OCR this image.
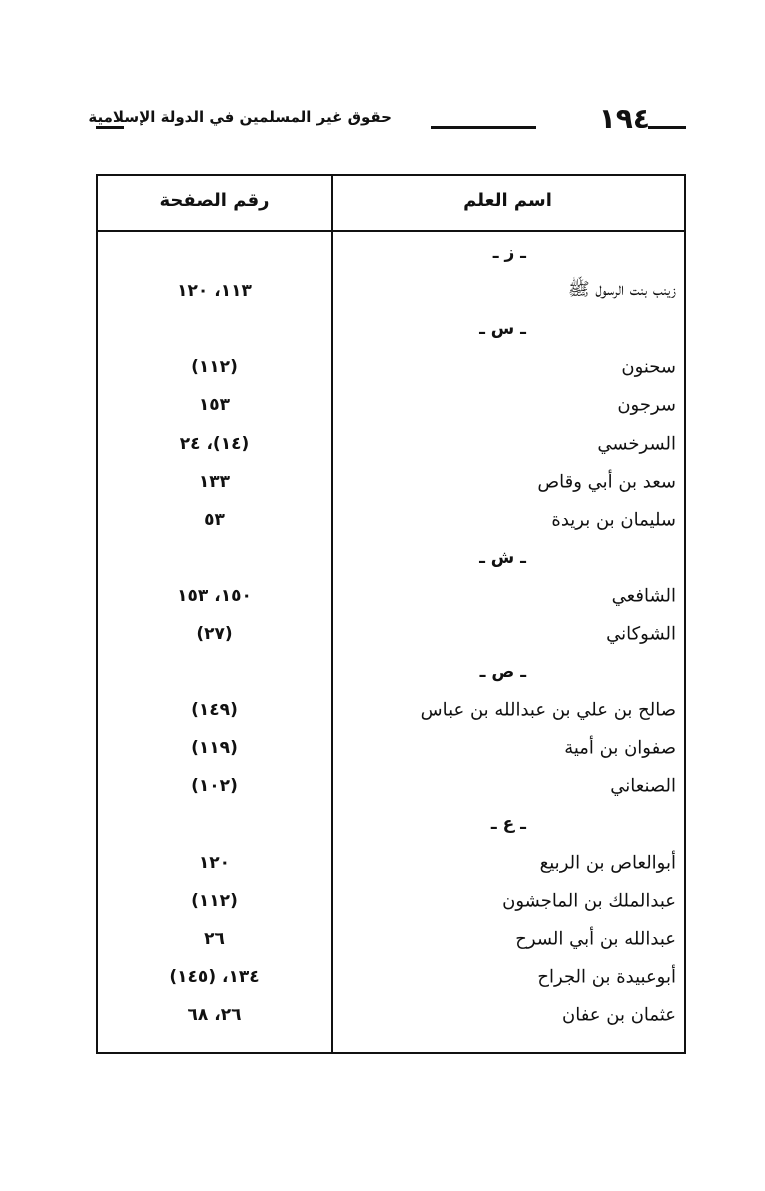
١٩٤
حقوق غير المسلمين في الدولة الإسلامية
اسم العلم
رقم الصفحة
ـ ز ـ
زينب بنت الرسول ﷺ
١١٣، ١٢٠
ـ س ـ
سحنون
(١١٢)
سرجون
١٥٣
السرخسي
(١٤)، ٢٤
سعد بن أبي وقاص
١٣٣
سليمان بن بريدة
٥٣
ـ ش ـ
الشافعي
١٥٠، ١٥٣
الشوكاني
(٢٧)
ـ ص ـ
صالح بن علي بن عبدالله بن عباس
(١٤٩)
صفوان بن أمية
(١١٩)
الصنعاني
(١٠٢)
ـ ع ـ
أبوالعاص بن الربيع
١٢٠
عبدالملك بن الماجشون
(١١٢)
عبدالله بن أبي السرح
٢٦
أبوعبيدة بن الجراح
١٣٤، (١٤٥)
عثمان بن عفان
٢٦، ٦٨
